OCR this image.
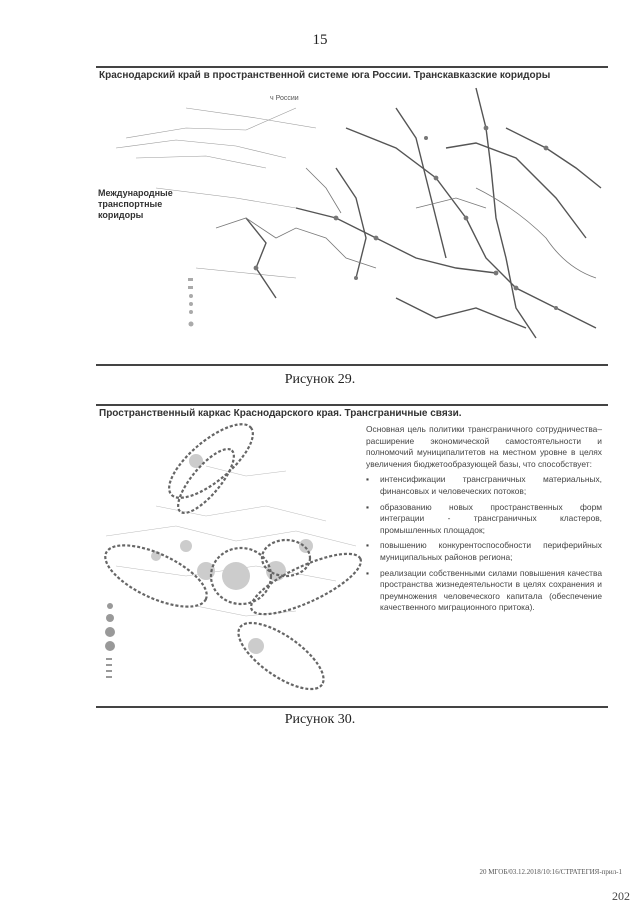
15
Краснодарский край в пространственной системе юга России. Транскавказские коридоры
ч России
Международные
транспортные
коридоры
Рисунок 29.
Пространственный каркас Краснодарского края. Трансграничные связи.

Основная цель политики трансграничного сотрудничества–расширение экономической самостоятельности и полномочий муниципалитетов на местном уровне в целях увеличения бюджетообразующей базы, что способствует:

▪ интенсификации трансграничных материальных, финансовых и человеческих потоков;
▪ образованию новых пространственных форм интеграции - трансграничных кластеров, промышленных площадок;
▪ повышению конкурентоспособности периферийных муниципальных районов региона;
▪ реализации собственными силами повышения качества пространства жизнедеятельности в целях сохранения и преумножения человеческого капитала (обеспечение качественного миграционного притока).
Рисунок 30.
20 МГОБ/03.12.2018/10:16/СТРАТЕГИЯ-прил-1
202
